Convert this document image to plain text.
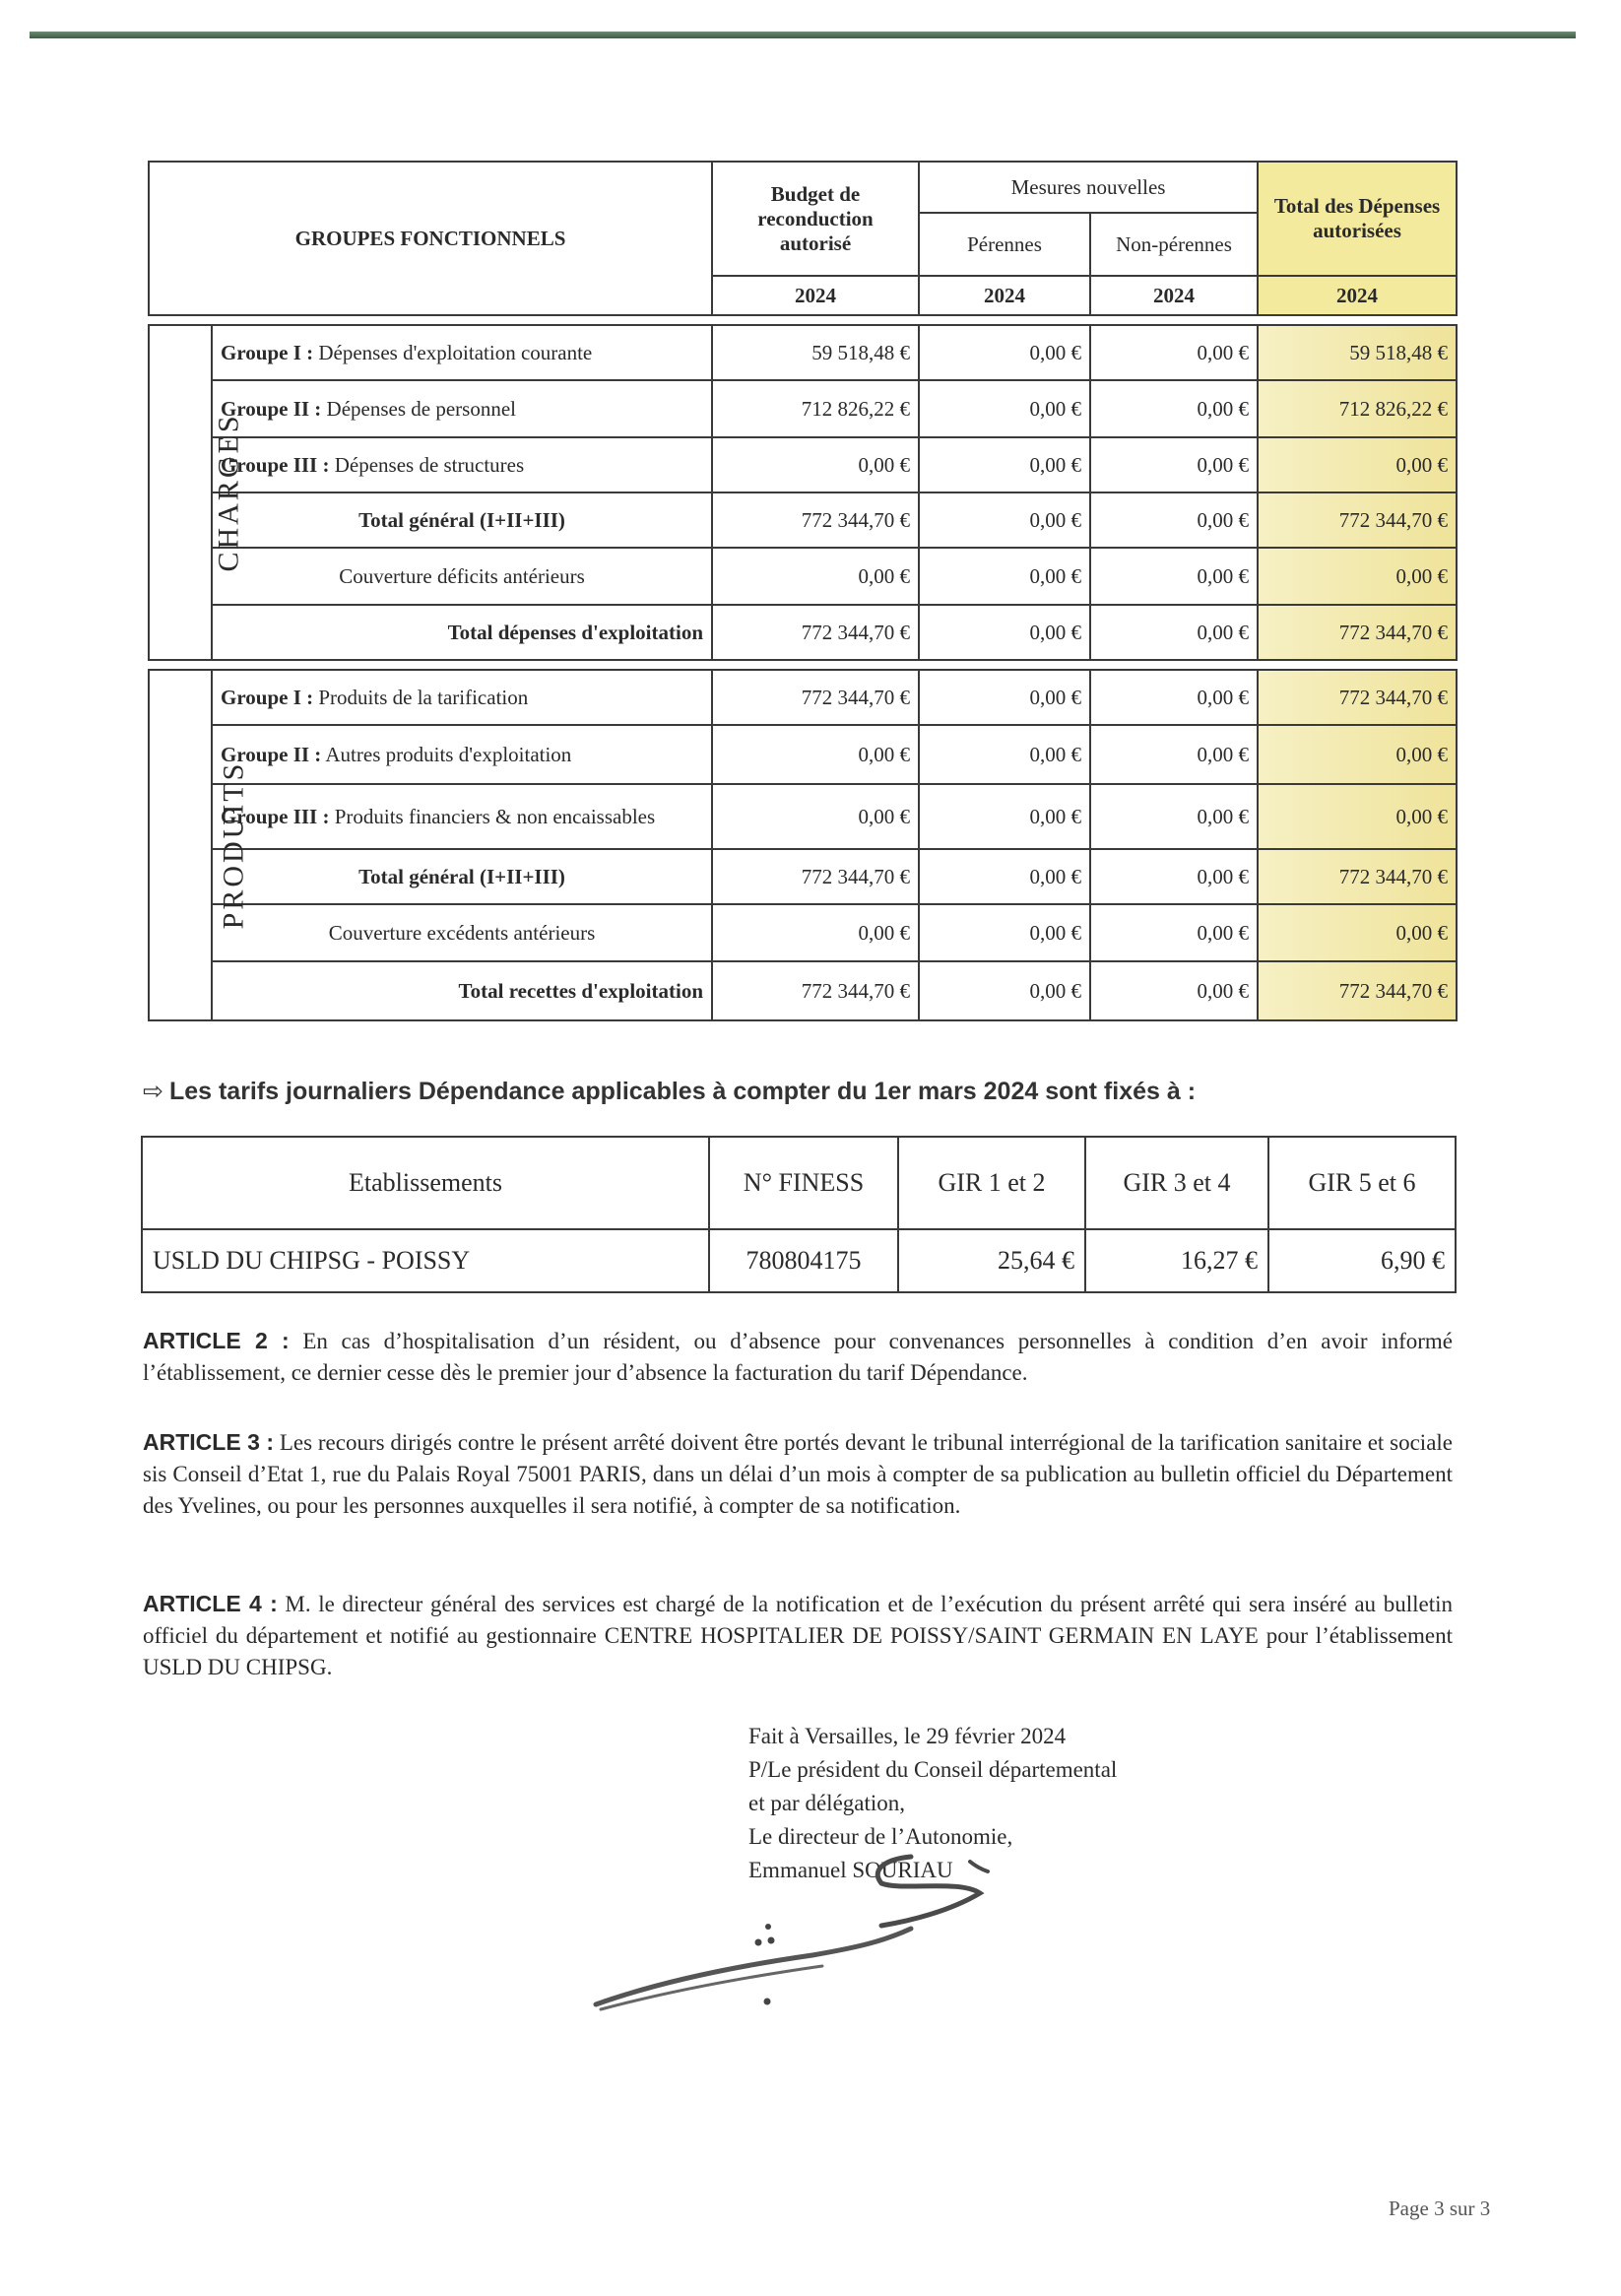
GROUPES FONCTIONNELS		Budget de reconduction autorisé	Mesures nouvelles		Total des Dépenses autorisées
			Pérennes	Non-pérennes	
		2024	2024	2024	2024

CHARGES	Groupe I : Dépenses d'exploitation courante	59 518,48 €	0,00 €	0,00 €	59 518,48 €
	Groupe II : Dépenses de personnel	712 826,22 €	0,00 €	0,00 €	712 826,22 €
	Groupe III : Dépenses de structures	0,00 €	0,00 €	0,00 €	0,00 €
	Total général (I+II+III)	772 344,70 €	0,00 €	0,00 €	772 344,70 €
	Couverture déficits antérieurs	0,00 €	0,00 €	0,00 €	0,00 €
	Total dépenses d'exploitation	772 344,70 €	0,00 €	0,00 €	772 344,70 €

PRODUITS	Groupe I : Produits de la tarification	772 344,70 €	0,00 €	0,00 €	772 344,70 €
	Groupe II : Autres produits d'exploitation	0,00 €	0,00 €	0,00 €	0,00 €
	Groupe III : Produits financiers & non encaissables	0,00 €	0,00 €	0,00 €	0,00 €
	Total général (I+II+III)	772 344,70 €	0,00 €	0,00 €	772 344,70 €
	Couverture excédents antérieurs	0,00 €	0,00 €	0,00 €	0,00 €
	Total recettes d'exploitation	772 344,70 €	0,00 €	0,00 €	772 344,70 €
⇨ Les tarifs journaliers Dépendance applicables à compter du 1er mars 2024 sont fixés à :
Etablissements	N° FINESS	GIR 1 et 2	GIR 3 et 4	GIR 5 et 6
USLD DU CHIPSG - POISSY	780804175	25,64 €	16,27 €	6,90 €
ARTICLE 2 : En cas d’hospitalisation d’un résident, ou d’absence pour convenances personnelles à condition d’en avoir informé l’établissement, ce dernier cesse dès le premier jour d’absence la facturation du tarif Dépendance.
ARTICLE 3 : Les recours dirigés contre le présent arrêté doivent être portés devant le tribunal interrégional de la tarification sanitaire et sociale sis Conseil d’Etat 1, rue du Palais Royal 75001 PARIS, dans un délai d’un mois à compter de sa publication au bulletin officiel du Département des Yvelines, ou pour les personnes auxquelles il sera notifié, à compter de sa notification.
ARTICLE 4 : M. le directeur général des services est chargé de la notification et de l’exécution du présent arrêté qui sera inséré au bulletin officiel du département et notifié au gestionnaire CENTRE HOSPITALIER DE POISSY/SAINT GERMAIN EN LAYE pour l’établissement USLD DU CHIPSG.
Fait à Versailles, le 29 février 2024
P/Le président du Conseil départemental
et par délégation,
Le directeur de l’Autonomie,
Emmanuel SOURIAU
Page 3 sur 3
